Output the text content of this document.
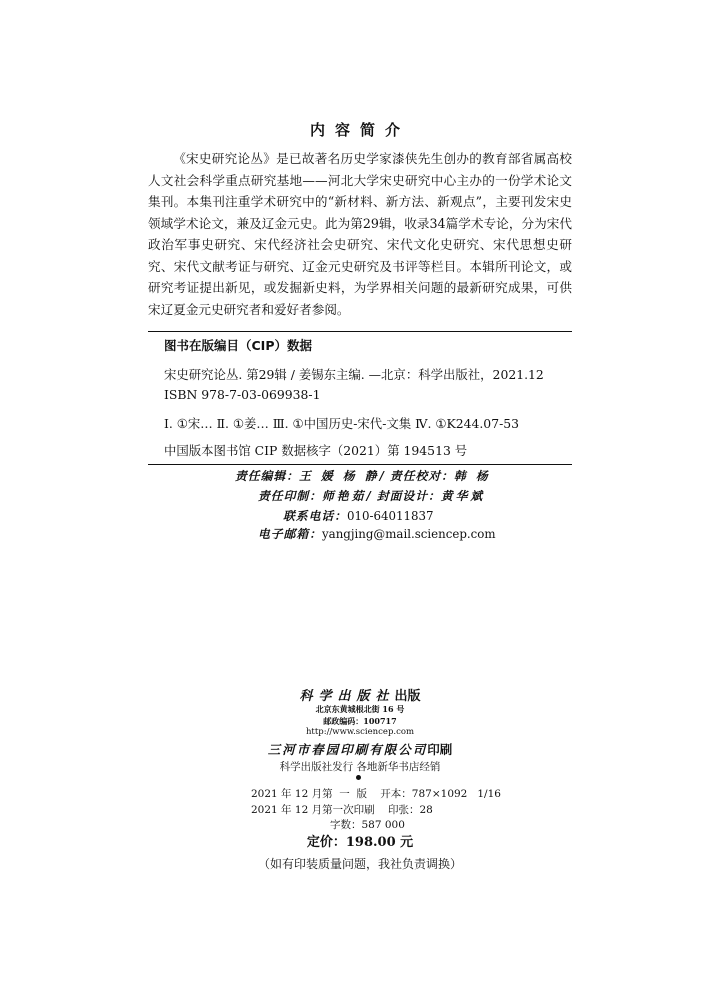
内容简介

《宋史研究论丛》是已故著名历史学家漆侠先生创办的教育部省属高校人文社会科学重点研究基地——河北大学宋史研究中心主办的一份学术论文集刊。本集刊注重学术研究中的“新材料、新方法、新观点”，主要刊发宋史领域学术论文，兼及辽金元史。此为第29辑，收录34篇学术专论，分为宋代政治军事史研究、宋代经济社会史研究、宋代文化史研究、宋代思想史研究、宋代文献考证与研究、辽金元史研究及书评等栏目。本辑所刊论文，或研究考证提出新见，或发掘新史料，为学界相关问题的最新研究成果，可供宋辽夏金元史研究者和爱好者参阅。

图书在版编目（CIP）数据
宋史研究论丛. 第29辑 / 姜锡东主编. —北京：科学出版社，2021.12
ISBN 978-7-03-069938-1
Ⅰ. ①宋… Ⅱ. ①姜… Ⅲ. ①中国历史-宋代-文集 Ⅳ. ①K244.07-53
中国版本图书馆 CIP 数据核字（2021）第 194513 号
责任编辑：王 媛 杨 静/ 责任校对：韩 杨
责任印制：师艳茹/ 封面设计：黄华斌
联系电话：010-64011837
电子邮箱：yangjing@mail.sciencep.com
科学出版社出版
北京东黄城根北街 16 号
邮政编码：100717
http://www.sciencep.com
三河市春园印刷有限公司印刷
科学出版社发行 各地新华书店经销
2021 年 12 月第  一  版    开本：787×1092   1/16
2021 年 12 月第一次印刷    印张：28
字数：587 000
定价：198.00 元
（如有印装质量问题，我社负责调换）
